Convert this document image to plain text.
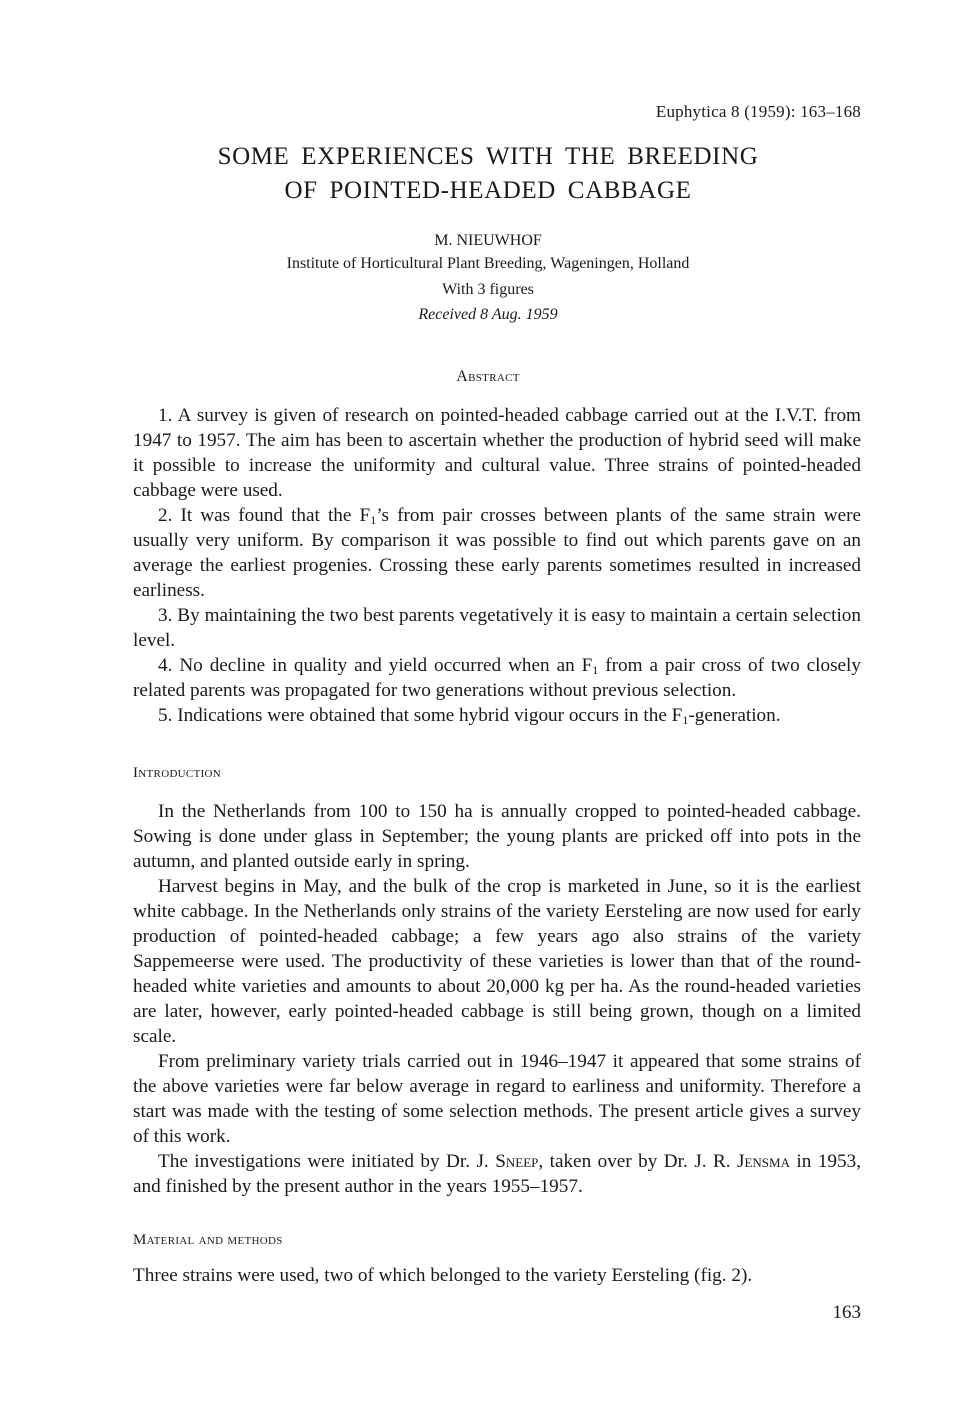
Euphytica 8 (1959): 163–168
SOME EXPERIENCES WITH THE BREEDING
OF POINTED-HEADED CABBAGE
M. NIEUWHOF
Institute of Horticultural Plant Breeding, Wageningen, Holland
With 3 figures
Received 8 Aug. 1959
Abstract

1. A survey is given of research on pointed-headed cabbage carried out at the I.V.T. from 1947 to 1957. The aim has been to ascertain whether the production of hybrid seed will make it possible to increase the uniformity and cultural value. Three strains of pointed-headed cabbage were used.

2. It was found that the $F_1’s$ from pair crosses between plants of the same strain were usually very uniform. By comparison it was possible to find out which parents gave on an average the earliest progenies. Crossing these early parents sometimes resulted in increased earliness.

3. By maintaining the two best parents vegetatively it is easy to maintain a certain selection level.

4. No decline in quality and yield occurred when an $F_1$ from a pair cross of two closely related parents was propagated for two generations without previous selection.

5. Indications were obtained that some hybrid vigour occurs in the $F_1$-generation.

Introduction

In the Netherlands from 100 to 150 ha is annually cropped to pointed-headed cabbage. Sowing is done under glass in September; the young plants are pricked off into pots in the autumn, and planted outside early in spring.

Harvest begins in May, and the bulk of the crop is marketed in June, so it is the earliest white cabbage. In the Netherlands only strains of the variety Eersteling are now used for early production of pointed-headed cabbage; a few years ago also strains of the variety Sappemeerse were used. The productivity of these varieties is lower than that of the round-headed white varieties and amounts to about 20,000 kg per ha. As the round-headed varieties are later, however, early pointed-headed cabbage is still being grown, though on a limited scale.

From preliminary variety trials carried out in 1946–1947 it appeared that some strains of the above varieties were far below average in regard to earliness and uniformity. Therefore a start was made with the testing of some selection methods. The present article gives a survey of this work.

The investigations were initiated by Dr. J. Sneep, taken over by Dr. J. R. Jensma in 1953, and finished by the present author in the years 1955–1957.

Material and methods

Three strains were used, two of which belonged to the variety Eersteling (fig. 2).

163
